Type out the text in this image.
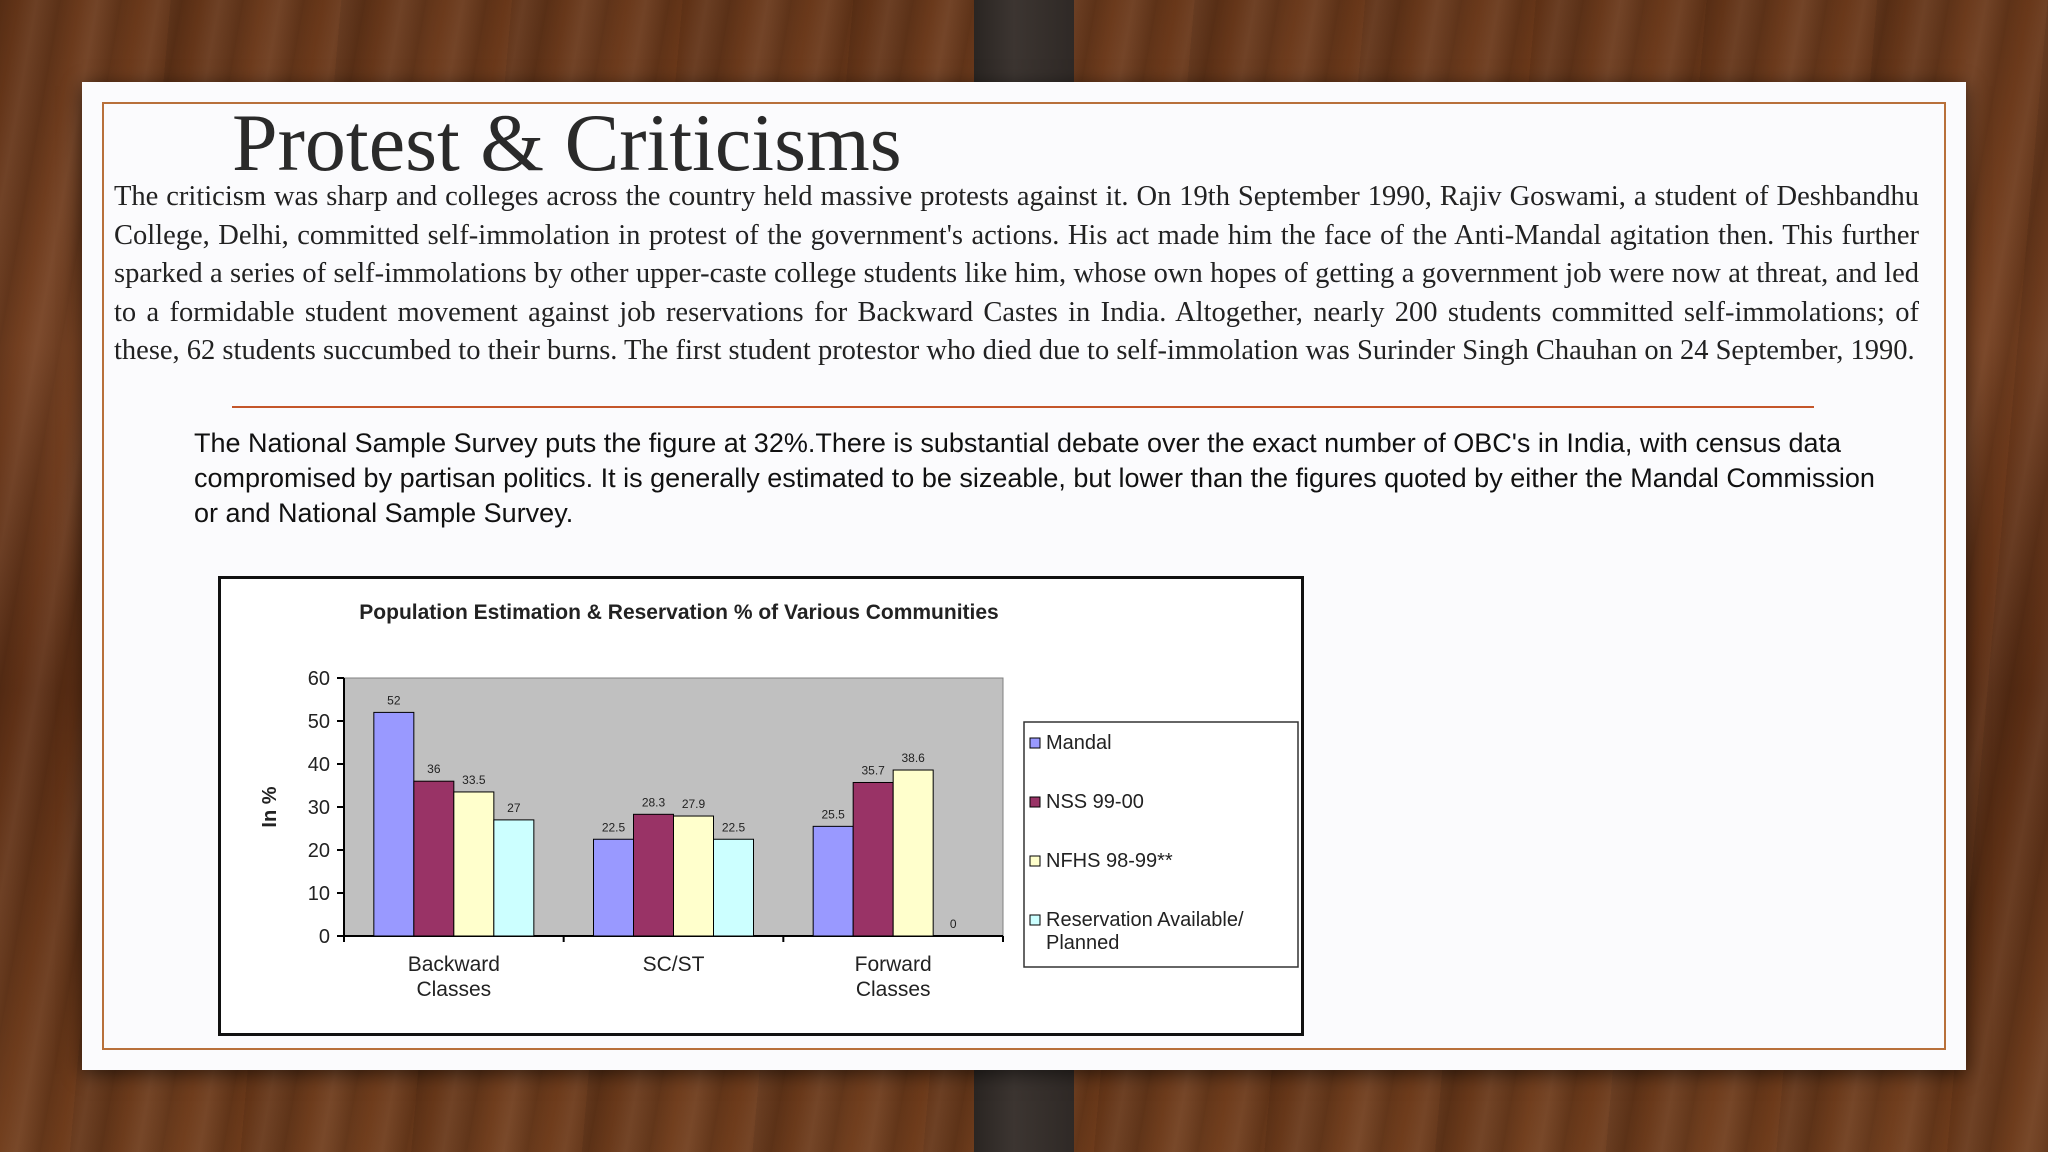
Protest & Criticisms

The criticism was sharp and colleges across the country held massive protests against it. On 19th September 1990, Rajiv Goswami, a student of Deshbandhu College, Delhi, committed self-immolation in protest of the government's actions. His act made him the face of the Anti-Mandal agitation then. This further sparked a series of self-immolations by other upper-caste college students like him, whose own hopes of getting a government job were now at threat, and led to a formidable student movement against job reservations for Backward Castes in India. Altogether, nearly 200 students committed self-immolations; of these, 62 students succumbed to their burns. The first student protestor who died due to self-immolation was Surinder Singh Chauhan on 24 September, 1990.

The National Sample Survey puts the figure at 32%.There is substantial debate over the exact number of OBC's in India, with census data compromised by partisan politics. It is generally estimated to be sizeable, but lower than the figures quoted by either the Mandal Commission or and National Sample Survey.

Population Estimation & Reservation % of Various Communities
0
10
20
30
40
50
60
In %
52
36
33.5
27
Backward
Classes
22.5
28.3 27.9
22.5
SC/ST
25.5
35.7
38.6
0
Forward
Classes
Mandal
NSS 99-00
NFHS 98-99**
Reservation Available/
Planned
